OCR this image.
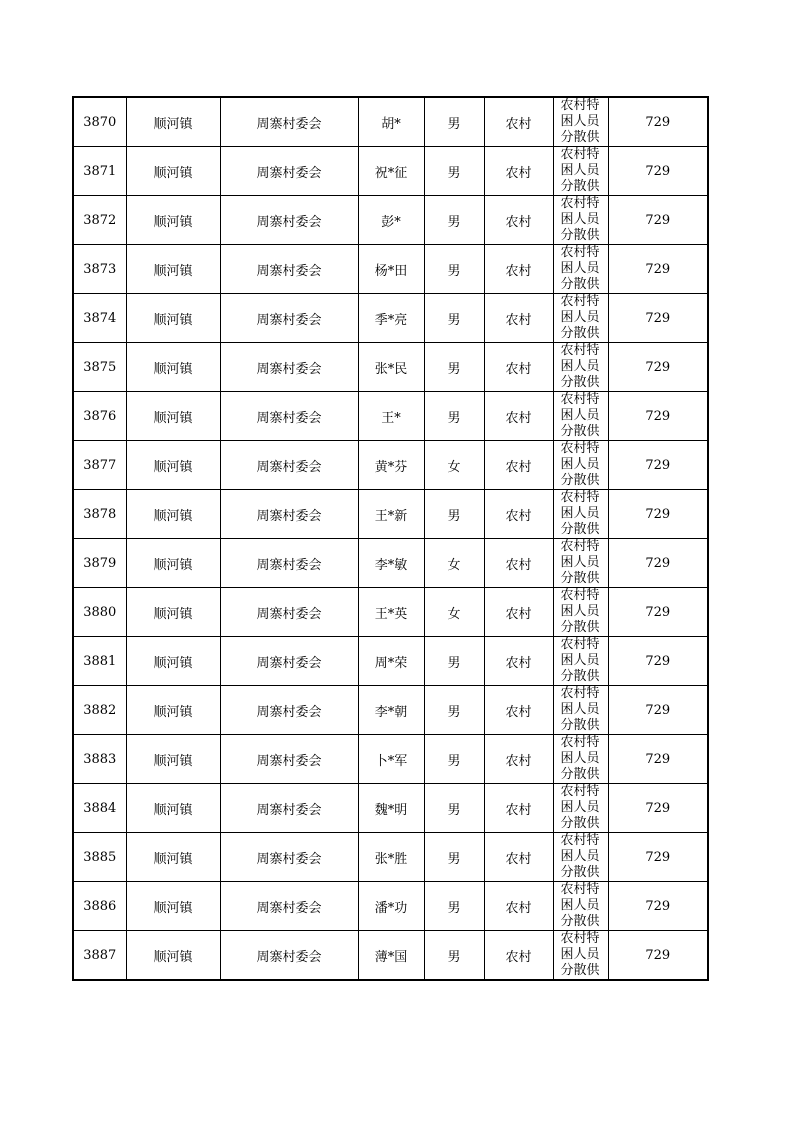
3870	顺河镇	周寨村委会	胡*	男	农村	农村特困人员分散供	729
3871	顺河镇	周寨村委会	祝*征	男	农村	农村特困人员分散供	729
3872	顺河镇	周寨村委会	彭*	男	农村	农村特困人员分散供	729
3873	顺河镇	周寨村委会	杨*田	男	农村	农村特困人员分散供	729
3874	顺河镇	周寨村委会	季*亮	男	农村	农村特困人员分散供	729
3875	顺河镇	周寨村委会	张*民	男	农村	农村特困人员分散供	729
3876	顺河镇	周寨村委会	王*	男	农村	农村特困人员分散供	729
3877	顺河镇	周寨村委会	黄*芬	女	农村	农村特困人员分散供	729
3878	顺河镇	周寨村委会	王*新	男	农村	农村特困人员分散供	729
3879	顺河镇	周寨村委会	李*敏	女	农村	农村特困人员分散供	729
3880	顺河镇	周寨村委会	王*英	女	农村	农村特困人员分散供	729
3881	顺河镇	周寨村委会	周*荣	男	农村	农村特困人员分散供	729
3882	顺河镇	周寨村委会	李*朝	男	农村	农村特困人员分散供	729
3883	顺河镇	周寨村委会	卜*军	男	农村	农村特困人员分散供	729
3884	顺河镇	周寨村委会	魏*明	男	农村	农村特困人员分散供	729
3885	顺河镇	周寨村委会	张*胜	男	农村	农村特困人员分散供	729
3886	顺河镇	周寨村委会	潘*功	男	农村	农村特困人员分散供	729
3887	顺河镇	周寨村委会	薄*国	男	农村	农村特困人员分散供	729
